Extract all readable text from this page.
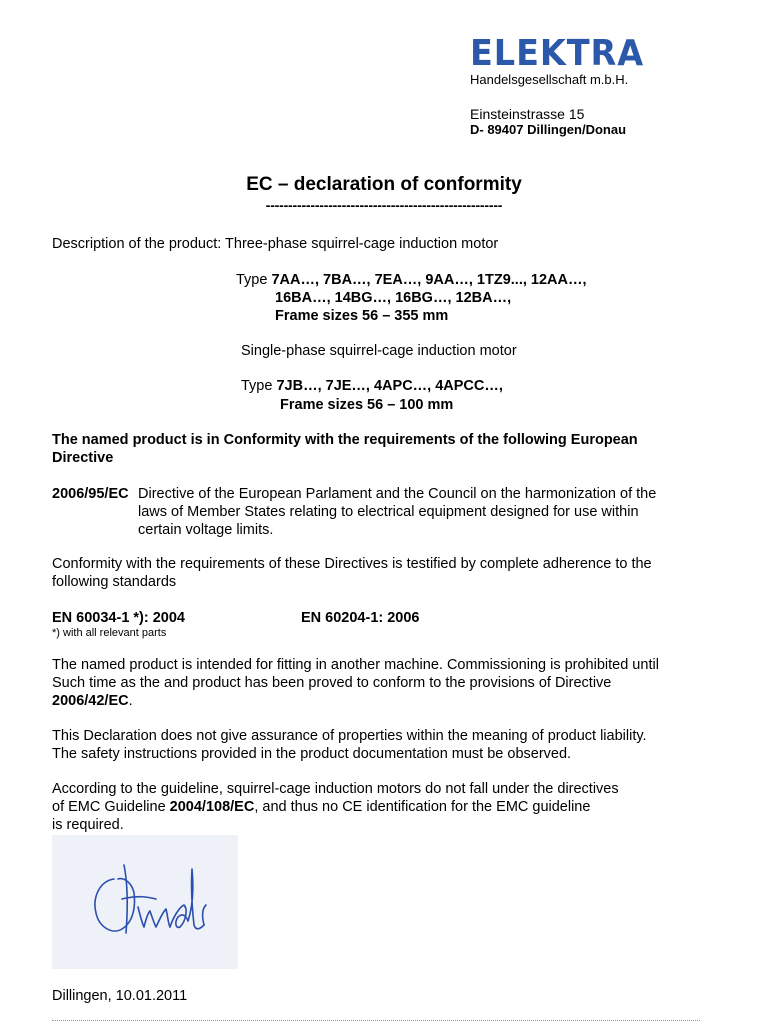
ELEKTRA
Handelsgesellschaft m.b.H.
Einsteinstrasse 15
D- 89407 Dillingen/Donau
EC – declaration of conformity
-----------------------------------------------------
Description of the product: Three-phase squirrel-cage induction motor
Type 7AA…, 7BA…, 7EA…, 9AA…, 1TZ9..., 12AA…,
16BA…, 14BG…, 16BG…, 12BA…,
Frame sizes 56 – 355 mm
Single-phase squirrel-cage induction motor
Type 7JB…, 7JE…, 4APC…, 4APCC…,
Frame sizes 56 – 100 mm
The named product is in Conformity with the requirements of the following European
Directive
2006/95/EC Directive of the European Parlament and the Council on the harmonization of the
laws of Member States relating to electrical equipment designed for use within
certain voltage limits.
Conformity with the requirements of these Directives is testified by complete adherence to the
following standards
EN 60034-1 *): 2004	EN 60204-1: 2006
*) with all relevant parts
The named product is intended for fitting in another machine. Commissioning is prohibited until
Such time as the and product has been proved to conform to the provisions of Directive
2006/42/EC.
This Declaration does not give assurance of properties within the meaning of product liability.
The safety instructions provided in the product documentation must be observed.
According to the guideline, squirrel-cage induction motors do not fall under the directives
of EMC Guideline 2004/108/EC, and thus no CE identification for the EMC guideline
is required.
Dillingen, 10.01.2011
